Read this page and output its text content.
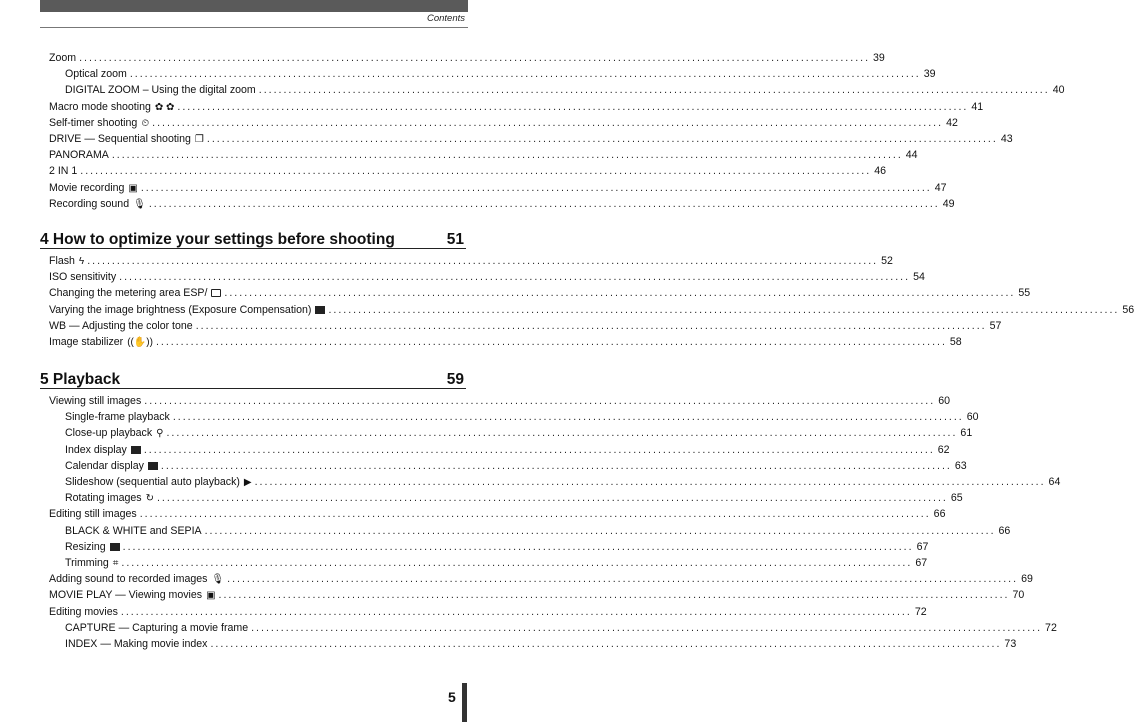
Contents
Zoom ................................................................................................................................................................ 39
Optical zoom ................................................................................................................................................................ 39
DIGITAL ZOOM – Using the digital zoom ................................................................................................................................................................ 40
Macro mode shooting ✿ ✿ ................................................................................................................................................................ 41
Self-timer shooting ⏲ ................................................................................................................................................................ 42
DRIVE — Sequential shooting ❐ ................................................................................................................................................................ 43
PANORAMA ................................................................................................................................................................ 44
2 IN 1 ................................................................................................................................................................ 46
Movie recording ▣ ................................................................................................................................................................ 47
Recording sound 🎙 ................................................................................................................................................................ 49
Flash ϟ ................................................................................................................................................................ 52
ISO sensitivity ................................................................................................................................................................ 54
Changing the metering area ESP/ ................................................................................................................................................................ 55
Varying the image brightness (Exposure Compensation) ................................................................................................................................................................ 56
WB — Adjusting the color tone ................................................................................................................................................................ 57
Image stabilizer ((✋)) ................................................................................................................................................................ 58
Viewing still images ................................................................................................................................................................ 60
Single-frame playback ................................................................................................................................................................ 60
Close-up playback ⚲ ................................................................................................................................................................ 61
Index display ................................................................................................................................................................ 62
Calendar display ................................................................................................................................................................ 63
Slideshow (sequential auto playback) ▶ ................................................................................................................................................................ 64
Rotating images ↻ ................................................................................................................................................................ 65
Editing still images ................................................................................................................................................................ 66
BLACK & WHITE and SEPIA ................................................................................................................................................................ 66
Resizing ................................................................................................................................................................ 67
Trimming ⌗ ................................................................................................................................................................ 67
Adding sound to recorded images 🎙 ................................................................................................................................................................ 69
MOVIE PLAY — Viewing movies ▣ ................................................................................................................................................................ 70
Editing movies ................................................................................................................................................................ 72
CAPTURE — Capturing a movie frame ................................................................................................................................................................ 72
INDEX — Making movie index ................................................................................................................................................................ 73
4 How to optimize your settings before shooting	51
5 Playback	59
5
